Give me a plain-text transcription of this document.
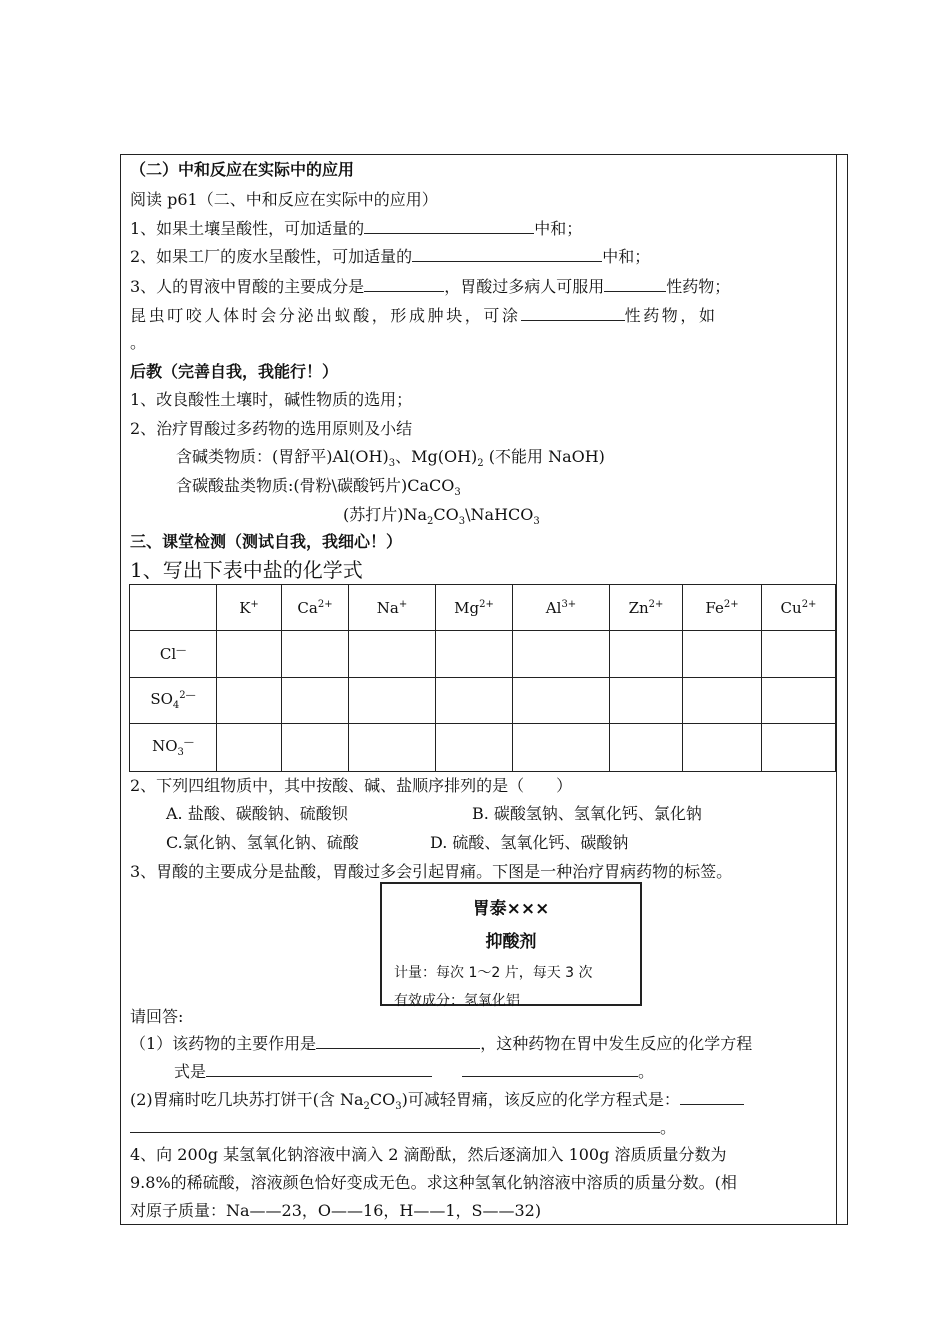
（二）中和反应在实际中的应用
阅读 p61（二、中和反应在实际中的应用）
1、如果土壤呈酸性，可加适量的	中和；
2、如果工厂的废水呈酸性，可加适量的	中和；
3、人的胃液中胃酸的主要成分是	，胃酸过多病人可服用	性药物；
昆虫叮咬人体时会分泌出蚁酸，形成肿块，可涂	性药物，如
。
后教（完善自我，我能行！）
1、改良酸性土壤时，碱性物质的选用；
2、治疗胃酸过多药物的选用原则及小结
含碱类物质：(胃舒平)$Al(OH)_3$、$Mg(OH)_2$ (不能用 NaOH)
含碳酸盐类物质:(骨粉\碳酸钙片)CaCO$_3$
(苏打片)$Na_2CO_3\backslash NaHCO_3$
三、课堂检测（测试自我，我细心！）
1、写出下表中盐的化学式
	K+	$Ca^{2+}$	Na+	$Mg^{2+}$	$Al^{3+}$	$Zn^{2+}$	$Fe^{2+}$	$Cu^{2+}$
Cl—								
$SO_4^{2—}$								
$NO_3^—$								
2、下列四组物质中，其中按酸、碱、盐顺序排列的是（　　）
A. 盐酸、碳酸钠、硫酸钡	B. 碳酸氢钠、氢氧化钙、氯化钠
C.氯化钠、氢氧化钠、硫酸	D. 硫酸、氢氧化钙、碳酸钠
3、胃酸的主要成分是盐酸，胃酸过多会引起胃痛。下图是一种治疗胃病药物的标签。
胃泰×××
抑酸剂
计量：每次 1～2 片，每天 3 次
有效成分：氢氧化铝
请回答:
（1）该药物的主要作用是	，这种药物在胃中发生反应的化学方程
式是	。
(2)胃痛时吃几块苏打饼干(含 $Na_2CO_3$)可减轻胃痛，该反应的化学方程式是：
。
4、向 200g 某氢氧化钠溶液中滴入 2 滴酚酞，然后逐滴加入 100g 溶质质量分数为
9.8%的稀硫酸，溶液颜色恰好变成无色。求这种氢氧化钠溶液中溶质的质量分数。(相
对原子质量：Na——23，O——16，H——1，S——32)
